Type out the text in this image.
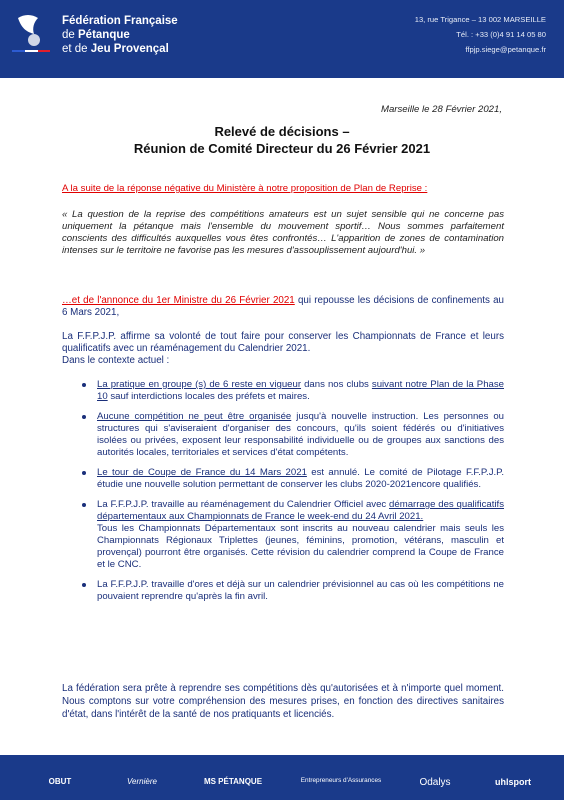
Fédération Française
de Pétanque
et de Jeu Provençal
13, rue Trigance – 13 002 MARSEILLE
Tél. : +33 (0)4 91 14 05 80
ffpjp.siege@petanque.fr
Marseille le 28 Février 2021,
Relevé de décisions –
Réunion de Comité Directeur du 26 Février 2021
A la suite de la réponse négative du Ministère à notre proposition de Plan de Reprise :
« La question de la reprise des compétitions amateurs est un sujet sensible qui ne concerne pas uniquement la pétanque mais l'ensemble du mouvement sportif… Nous sommes parfaitement conscients des difficultés auxquelles vous êtes confrontés… L'apparition de zones de contamination intenses sur le territoire ne favorise pas les mesures d'assouplissement aujourd'hui. »
…et de l'annonce du 1er Ministre du 26 Février 2021 qui repousse les décisions de confinements au 6 Mars 2021,
La F.F.P.J.P. affirme sa volonté de tout faire pour conserver les Championnats de France et leurs qualificatifs avec un réaménagement du Calendrier 2021.
Dans le contexte actuel :
La pratique en groupe (s) de 6 reste en vigueur dans nos clubs suivant notre Plan de la Phase 10 sauf interdictions locales des préfets et maires.
Aucune compétition ne peut être organisée jusqu'à nouvelle instruction. Les personnes ou structures qui s'aviseraient d'organiser des concours, qu'ils soient fédérés ou d'initiatives isolées ou privées, exposent leur responsabilité individuelle ou de groupes aux sanctions des autorités locales, territoriales et services d'état compétents.
Le tour de Coupe de France du 14 Mars 2021 est annulé. Le comité de Pilotage F.F.P.J.P. étudie une nouvelle solution permettant de conserver les clubs 2020-2021encore qualifiés.
La F.F.P.J.P. travaille au réaménagement du Calendrier Officiel avec démarrage des qualificatifs départementaux aux Championnats de France le week-end du 24 Avril 2021.
Tous les Championnats Départementaux sont inscrits au nouveau calendrier mais seuls les Championnats Régionaux Triplettes (jeunes, féminins, promotion, vétérans, masculin et provençal) pourront être organisés. Cette révision du calendrier comprend la Coupe de France et le CNC.
La F.F.P.J.P. travaille d'ores et déjà sur un calendrier prévisionnel au cas où les compétitions ne pouvaient reprendre qu'après la fin avril.
La fédération sera prête à reprendre ses compétitions dès qu'autorisées et à n'importe quel moment. Nous comptons sur votre compréhension des mesures prises, en fonction des directives sanitaires d'état, dans l'intérêt de la santé de nos pratiquants et licenciés.
OBUT	Vernière	MS PÉTANQUE	Entrepreneurs d'Assurances	Odalys	uhlsport
